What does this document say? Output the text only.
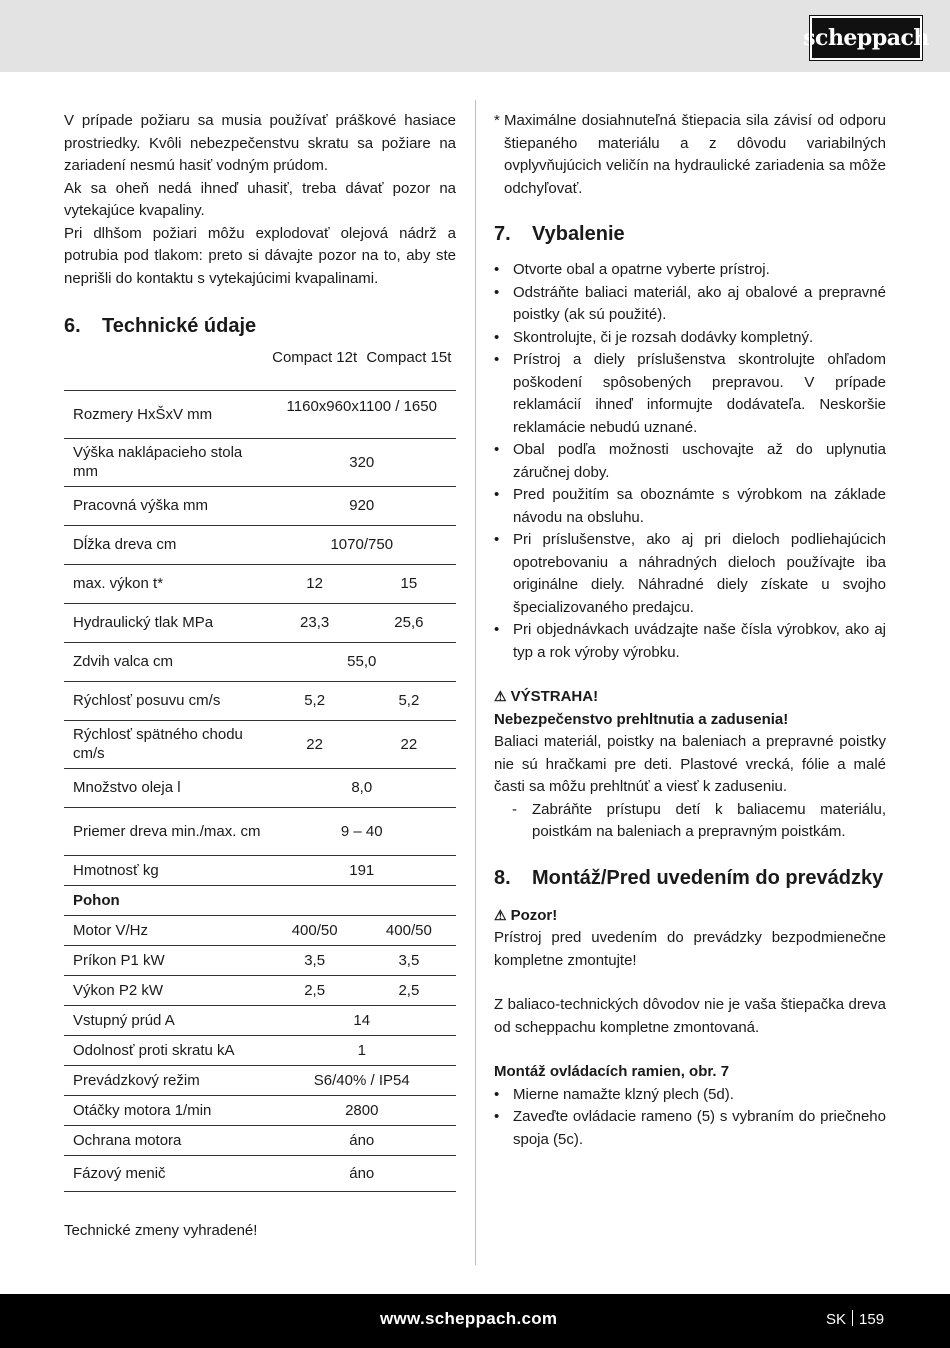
scheppach

V prípade požiaru sa musia používať práškové hasiace prostriedky. Kvôli nebezpečenstvu skratu sa požiare na zariadení nesmú hasiť vodným prúdom.

Ak sa oheň nedá ihneď uhasiť, treba dávať pozor na vytekajúce kvapaliny.

Pri dlhšom požiari môžu explodovať olejová nádrž a potrubia pod tlakom: preto si dávajte pozor na to, aby ste neprišli do kontaktu s vytekajúcimi kvapalinami.

6.	Technické údaje
	Compact 12t	Compact 15t
Rozmery HxŠxV mm	1160x960x1100 / 1650	
Výška naklápacieho stola mm	320	
Pracovná výška mm	920	
Dĺžka dreva cm	1070/750	
max. výkon t*	12	15
Hydraulický tlak MPa	23,3	25,6
Zdvih valca cm	55,0	
Rýchlosť posuvu cm/s	5,2	5,2
Rýchlosť spätného chodu cm/s	22	22
Množstvo oleja l	8,0	
Priemer dreva min./max. cm	9 – 40	
Hmotnosť kg	191	
Pohon		
Motor V/Hz	400/50	400/50
Príkon P1 kW	3,5	3,5
Výkon P2 kW	2,5	2,5
Vstupný prúd A	14	
Odolnosť proti skratu kA	1	
Prevádzkový režim	S6/40% / IP54	
Otáčky motora 1/min	2800	
Ochrana motora	áno	
Fázový menič	áno	

Technické zmeny vyhradené!

* Maximálne dosiahnuteľná štiepacia sila závisí od odporu štiepaného materiálu a z dôvodu variabilných ovplyvňujúcich veličín na hydraulické zariadenia sa môže odchyľovať.
7.	Vybalenie
• Otvorte obal a opatrne vyberte prístroj.
• Odstráňte baliaci materiál, ako aj obalové a prepravné poistky (ak sú použité).
• Skontrolujte, či je rozsah dodávky kompletný.
• Prístroj a diely príslušenstva skontrolujte ohľadom poškodení spôsobených prepravou. V prípade reklamácií ihneď informujte dodávateľa. Neskoršie reklamácie nebudú uznané.
• Obal podľa možnosti uschovajte až do uplynutia záručnej doby.
• Pred použitím sa oboznámte s výrobkom na základe návodu na obsluhu.
• Pri príslušenstve, ako aj pri dieloch podliehajúcich opotrebovaniu a náhradných dieloch používajte iba originálne diely. Náhradné diely získate u svojho špecializovaného predajcu.
• Pri objednávkach uvádzajte naše čísla výrobkov, ako aj typ a rok výroby výrobku.

⚠ VÝSTRAHA!

Nebezpečenstvo prehltnutia a zadusenia!

Baliaci materiál, poistky na baleniach a prepravné poistky nie sú hračkami pre deti. Plastové vrecká, fólie a malé časti sa môžu prehltnúť a viesť k zaduseniu.

- Zabráňte prístupu detí k baliacemu materiálu, poistkám na baleniach a prepravným poistkám.
8.	Montáž/Pred uvedením do prevádzky

⚠ Pozor!

Prístroj pred uvedením do prevádzky bezpodmienečne kompletne zmontujte!

Z baliaco-technických dôvodov nie je vaša štiepačka dreva od scheppachu kompletne zmontovaná.

Montáž ovládacích ramien, obr. 7

• Mierne namažte klzný plech (5d).
• Zaveďte ovládacie rameno (5) s vybraním do priečneho spoja (5c).
www.scheppach.com	SK 159
